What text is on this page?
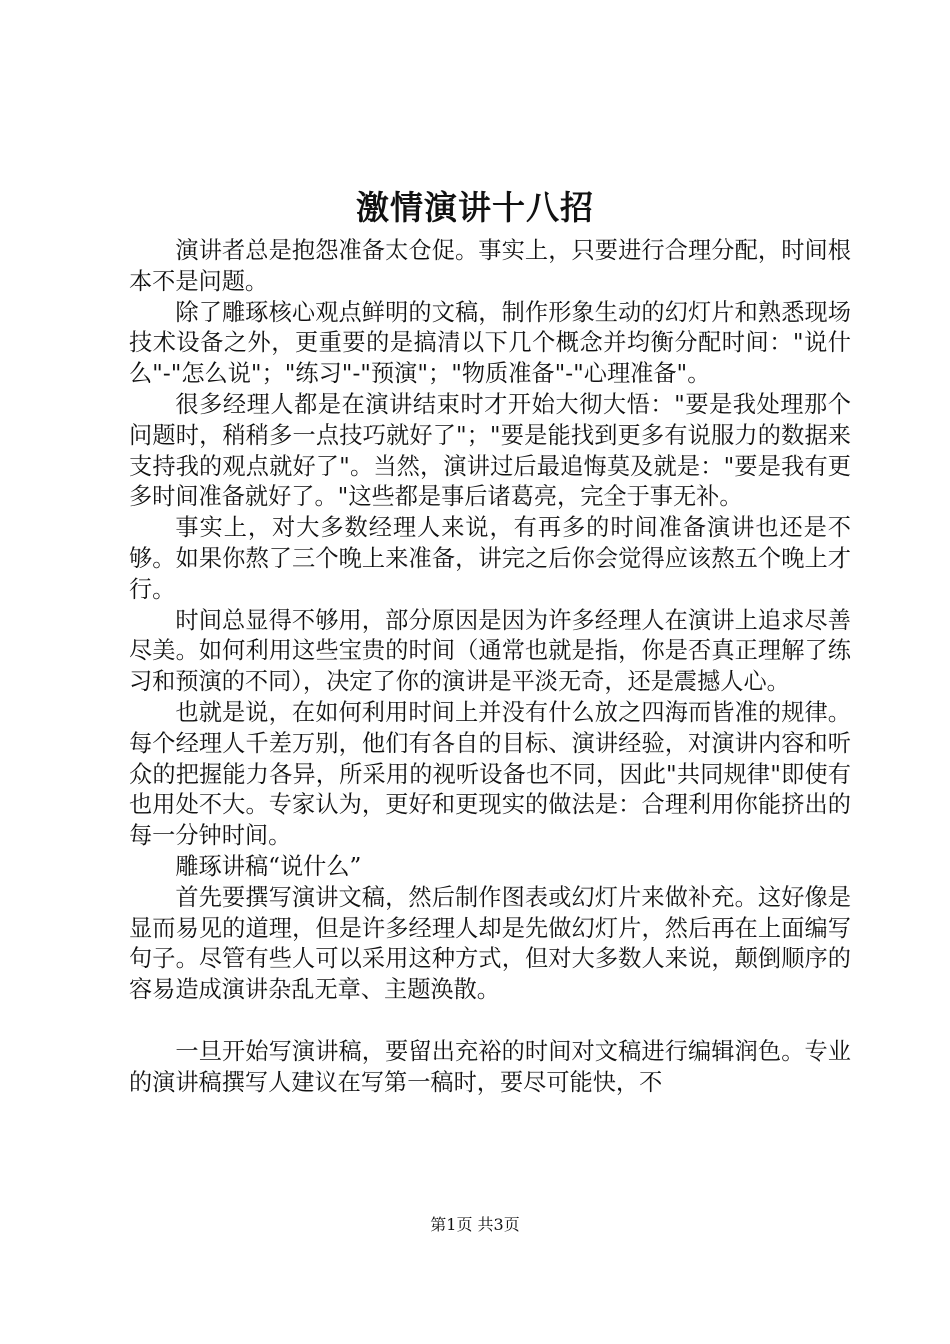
激情演讲十八招

演讲者总是抱怨准备太仓促。事实上，只要进行合理分配，时间根本不是问题。

除了雕琢核心观点鲜明的文稿，制作形象生动的幻灯片和熟悉现场技术设备之外，更重要的是搞清以下几个概念并均衡分配时间："说什么"-"怎么说"；"练习"-"预演"；"物质准备"-"心理准备"。

很多经理人都是在演讲结束时才开始大彻大悟："要是我处理那个问题时，稍稍多一点技巧就好了"；"要是能找到更多有说服力的数据来支持我的观点就好了"。当然，演讲过后最追悔莫及就是："要是我有更多时间准备就好了。"这些都是事后诸葛亮，完全于事无补。

事实上，对大多数经理人来说，有再多的时间准备演讲也还是不够。如果你熬了三个晚上来准备，讲完之后你会觉得应该熬五个晚上才行。

时间总显得不够用，部分原因是因为许多经理人在演讲上追求尽善尽美。如何利用这些宝贵的时间（通常也就是指，你是否真正理解了练习和预演的不同），决定了你的演讲是平淡无奇，还是震撼人心。

也就是说，在如何利用时间上并没有什么放之四海而皆准的规律。每个经理人千差万别，他们有各自的目标、演讲经验，对演讲内容和听众的把握能力各异，所采用的视听设备也不同，因此"共同规律"即使有也用处不大。专家认为，更好和更现实的做法是：合理利用你能挤出的每一分钟时间。

雕琢讲稿“说什么”

首先要撰写演讲文稿，然后制作图表或幻灯片来做补充。这好像是显而易见的道理，但是许多经理人却是先做幻灯片，然后再在上面编写句子。尽管有些人可以采用这种方式，但对大多数人来说，颠倒顺序的容易造成演讲杂乱无章、主题涣散。

一旦开始写演讲稿，要留出充裕的时间对文稿进行编辑润色。专业的演讲稿撰写人建议在写第一稿时，要尽可能快，不

第1页 共3页
